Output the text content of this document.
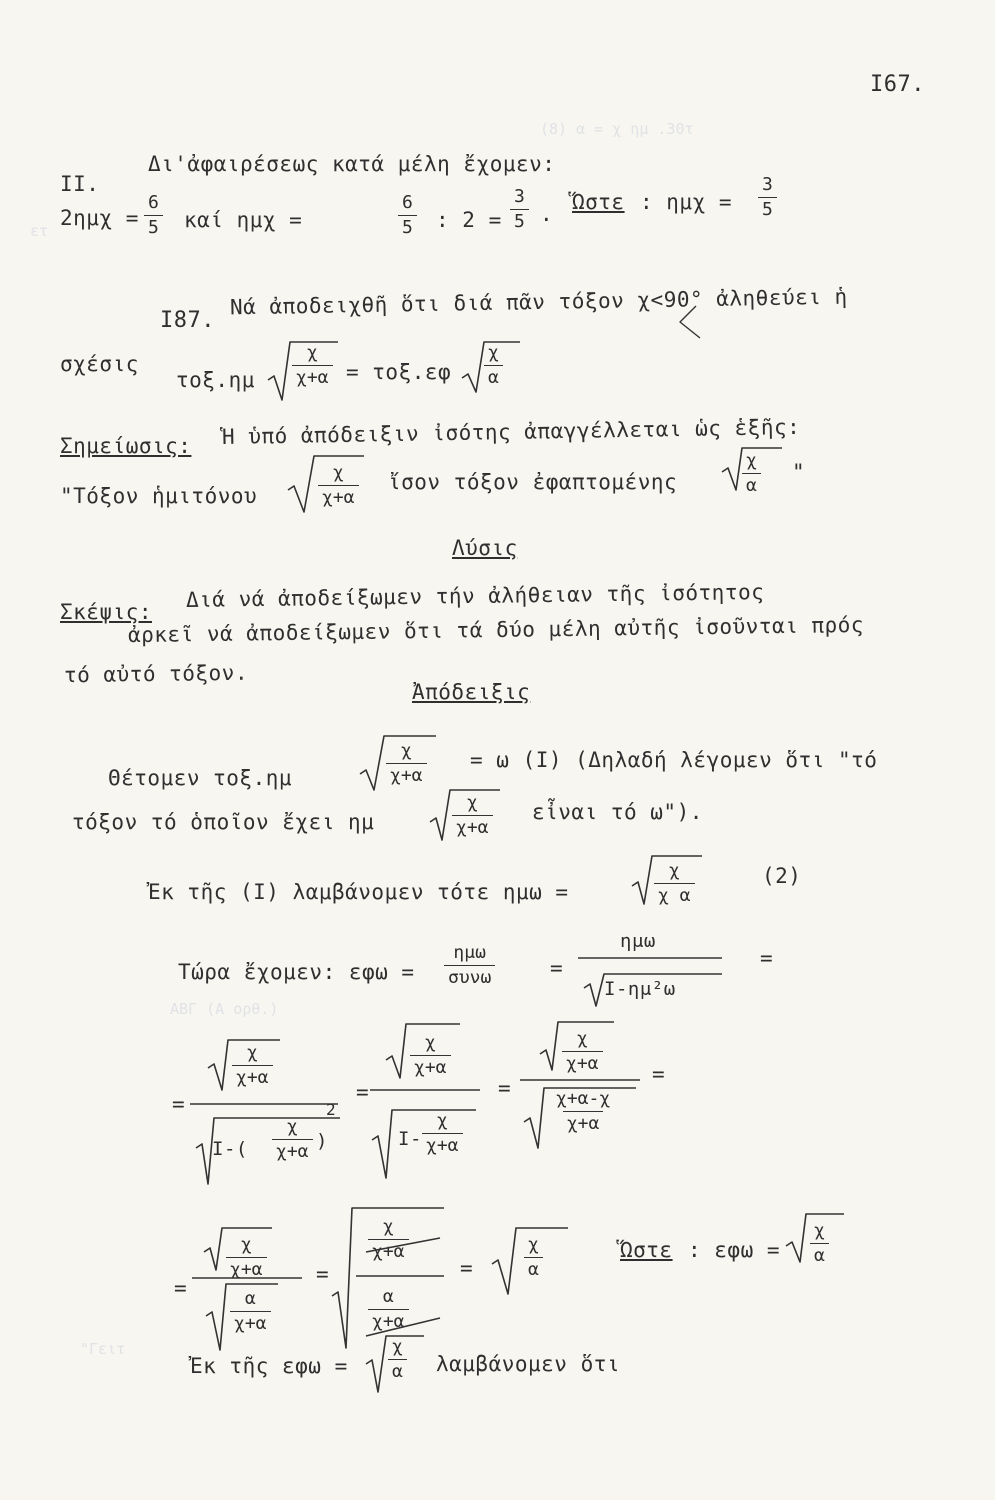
(8) α = χ ημ .30τ
ετ
ΑΒΓ (Α ορθ.)
"Γειτ
I67.
II.
Δι'ἀφαιρέσεως κατά μέλη ἔχομεν:
$2\eta\mu\chi = \frac{6}{5}$ καί ημχ =	$\frac{6}{5}$ : $2 = \frac{3}{5}$ . Ὥστε : $\eta\mu\chi = \frac{3}{5}$
I87.
Νά ἀποδειχθῆ ὅτι διά πᾶν τόξον χ<90° ἀληθεύει ἡ
σχέσις
$\tau o\xi.\eta\mu \frac{\chi}{\chi+\alpha} = \tau o\xi.\varepsilon\varphi \frac{\chi}{\alpha}$
Σημείωσις: Ἡ ὑπό ἀπόδειξιν ἰσότης ἀπαγγέλλεται ὡς ἑξῆς:
"Τόξον ἡμιτόνου	$\frac{\chi}{\chi+\alpha}$ ἴσον τόξον ἐφαπτομένης	$\frac{\chi}{\alpha}$ "
Λύσις
Σκέψις: Διά νά ἀποδείξωμεν τήν ἀλήθειαν τῆς ἰσότητος
ἀρκεῖ νά ἀποδείξωμεν ὅτι τά δύο μέλη αὐτῆς ἰσοῦνται πρός
τό αὐτό τόξον.
Ἀπόδειξις
Θέτομεν τοξ.ημ	$\frac{\chi}{\chi+\alpha} = \omega$ (I) (Δηλαδή λέγομεν ὅτι "τό
τόξον τό ὁποῖον ἔχει ημ	$\frac{\chi}{\chi+\alpha}$ εἶναι τό ω").
Ἐκ τῆς (I) λαμβάνομεν τότε ημω =	$\frac{\chi}{\text{χ α}}$	(2)
Τώρα ἔχομεν: εφω =
ημω
συνω	=
ημω
I-ημ²ω
=
=
$\frac{\chi}{\chi+\alpha}$
$I-( \frac{\chi}{\chi+\alpha}$ )
2
=
$\frac{\chi}{\chi+\alpha}$
$I- \frac{\chi}{\chi+\alpha}$
=
$\frac{\chi}{\chi+\alpha}$
$\frac{\chi+\alpha-\chi}{\chi+\alpha}$
=
=
$\frac{\chi}{\chi+\alpha}$
$\frac{\alpha}{\chi+\alpha}$
=
$\frac{\chi}{\chi+\alpha}$
$\frac{\alpha}{\chi+\alpha}$
=	$\frac{\chi}{\alpha}$	Ὥστε : $\varepsilon\varphi\omega = \frac{\chi}{\alpha}$
Ἐκ τῆς $\varepsilon\varphi\omega = \frac{\chi}{\alpha}$ λαμβάνομεν ὅτι
